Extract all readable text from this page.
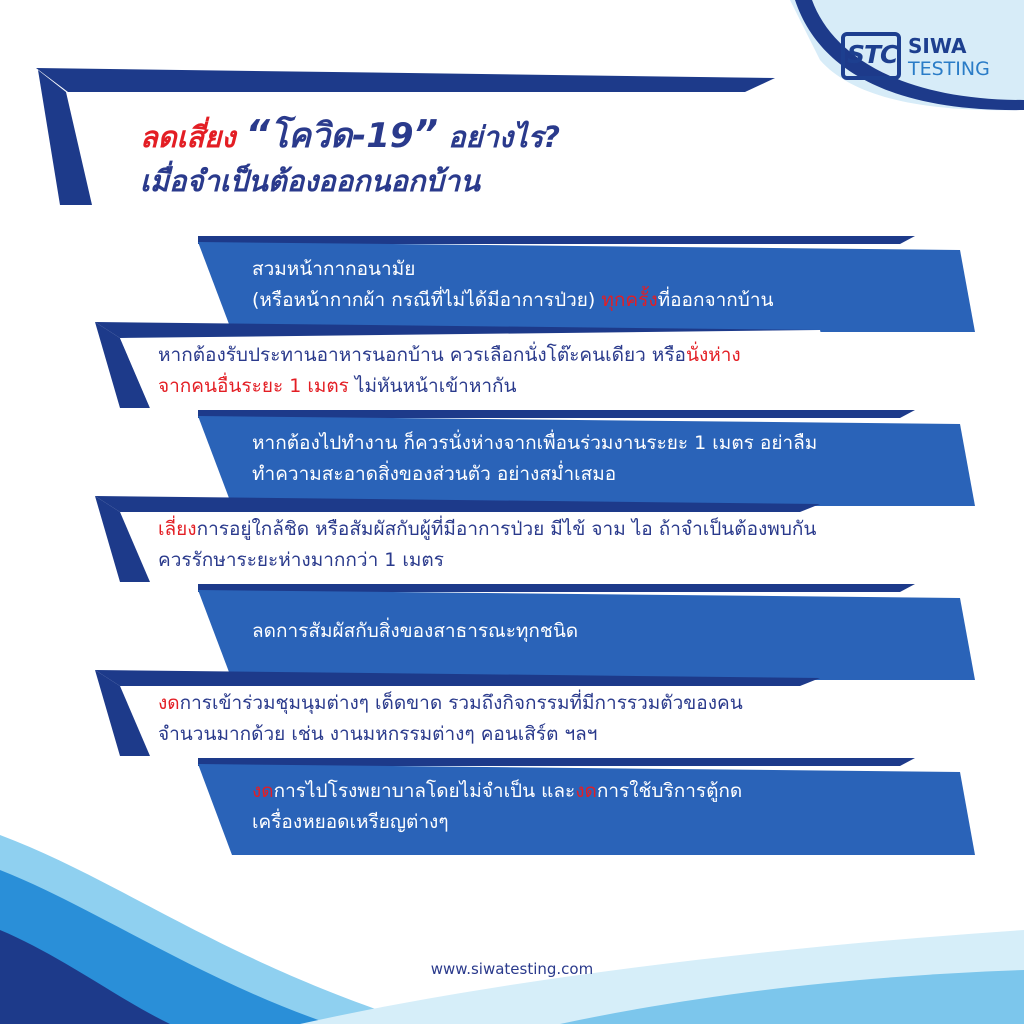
STC SIWA
TESTING
ลดเสี่ยง “โควิด-19” อย่างไร?
เมื่อจำเป็นต้องออกนอกบ้าน
สวมหน้ากากอนามัย
(หรือหน้ากากผ้า กรณีที่ไม่ได้มีอาการป่วย) ทุกครั้งที่ออกจากบ้าน
หากต้องรับประทานอาหารนอกบ้าน ควรเลือกนั่งโต๊ะคนเดียว หรือนั่งห่าง
จากคนอื่นระยะ 1 เมตร ไม่หันหน้าเข้าหากัน
หากต้องไปทำงาน ก็ควรนั่งห่างจากเพื่อนร่วมงานระยะ 1 เมตร อย่าลืม
ทำความสะอาดสิ่งของส่วนตัว อย่างสม่ำเสมอ
เลี่ยงการอยู่ใกล้ชิด หรือสัมผัสกับผู้ที่มีอาการป่วย มีไข้ จาม ไอ ถ้าจำเป็นต้องพบกัน
ควรรักษาระยะห่างมากกว่า 1 เมตร
ลดการสัมผัสกับสิ่งของสาธารณะทุกชนิด
งดการเข้าร่วมชุมนุมต่างๆ เด็ดขาด รวมถึงกิจกรรมที่มีการรวมตัวของคน
จำนวนมากด้วย เช่น งานมหกรรมต่างๆ คอนเสิร์ต ฯลฯ
งดการไปโรงพยาบาลโดยไม่จำเป็น และงดการใช้บริการตู้กด
เครื่องหยอดเหรียญต่างๆ
www.siwatesting.com
